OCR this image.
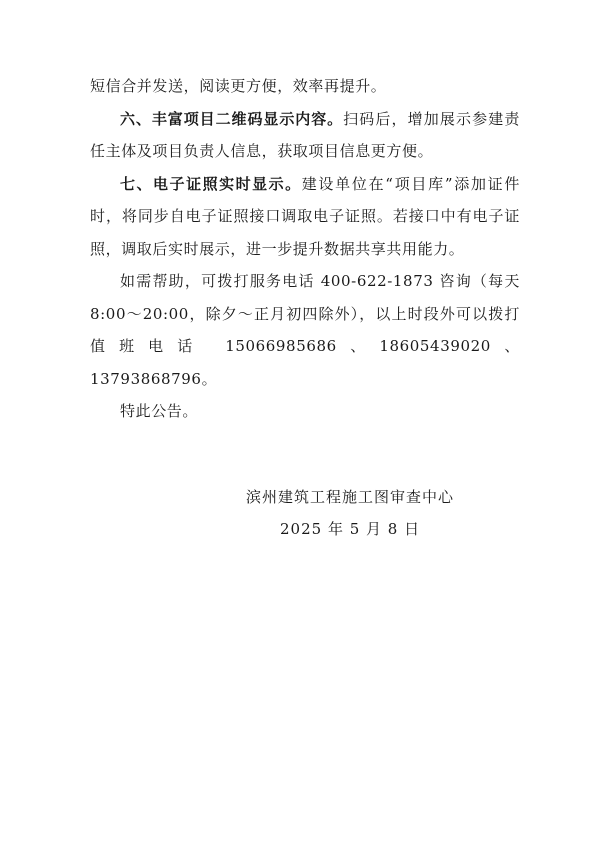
短信合并发送，阅读更方便，效率再提升。

六、丰富项目二维码显示内容。扫码后，增加展示参建责任主体及项目负责人信息，获取项目信息更方便。

七、电子证照实时显示。建设单位在“项目库”添加证件时，将同步自电子证照接口调取电子证照。若接口中有电子证照，调取后实时展示，进一步提升数据共享共用能力。

如需帮助，可拨打服务电话 400-622-1873 咨询（每天8:00～20:00，除夕～正月初四除外），以上时段外可以拨打值班电话 15066985686、18605439020、13793868796。

特此公告。

滨州建筑工程施工图审查中心

2025 年 5 月 8 日
